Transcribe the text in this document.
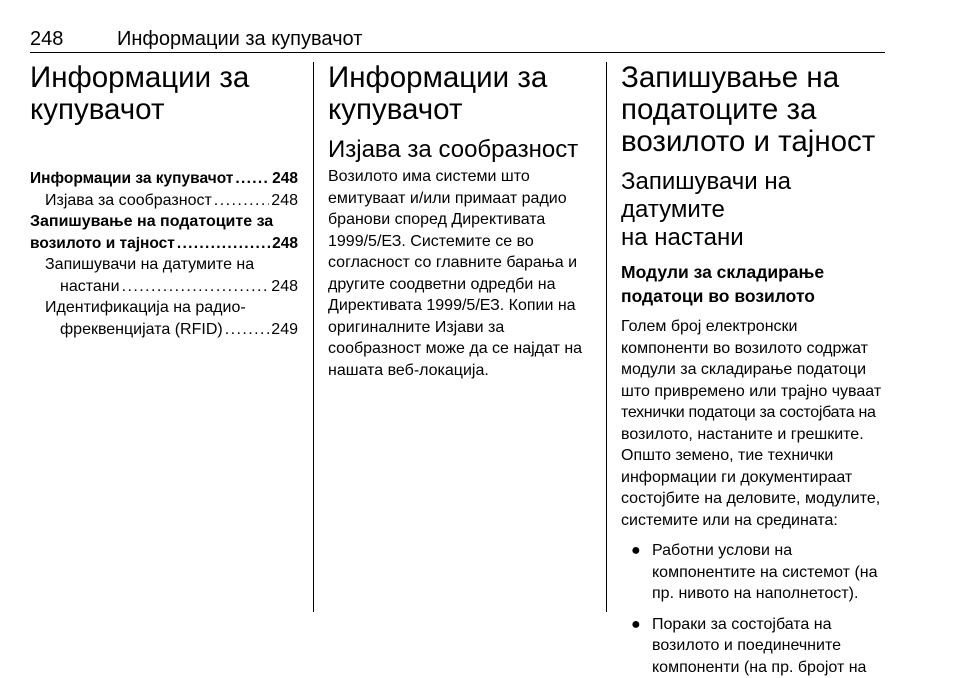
248	Информации за купувачот
Информации за
купувачот
Информации за купувачот . . . 248
Изјава за сообразност . . .	248
Запишување на податоците за
возилото и тајност . . .	248
Запишувачи на датумите на
настани . . .	248
Идентификација на радио-
фреквенцијата (RFID) . . .	249
Информации за
купувачот
Изјава за сообразност
Возилото има системи што
емитуваат и/или примаат радио
бранови според Директивата
1999/5/ЕЗ. Системите се во
согласност со главните барања и
другите соодветни одредби на
Директивата 1999/5/ЕЗ. Копии на
оригиналните Изјави за
сообразност може да се најдат на
нашата веб-локација.
Запишување на
податоците за
возилото и тајност
Запишувачи на датумите
на настани
Модули за складирање
податоци во возилото
Голем број електронски
компоненти во возилото содржат
модули за складирање податоци
што привремено или трајно чуваат
технички податоци за состојбата на
возилото, настаните и грешките.
Општо земено, тие технички
информации ги документираат
состојбите на деловите, модулите,
системите или на средината:
● Работни услови на
компонентите на системот (на
пр. нивото на наполнетост).
● Пораки за состојбата на
возилото и поединечните
компоненти (на пр. бројот на
